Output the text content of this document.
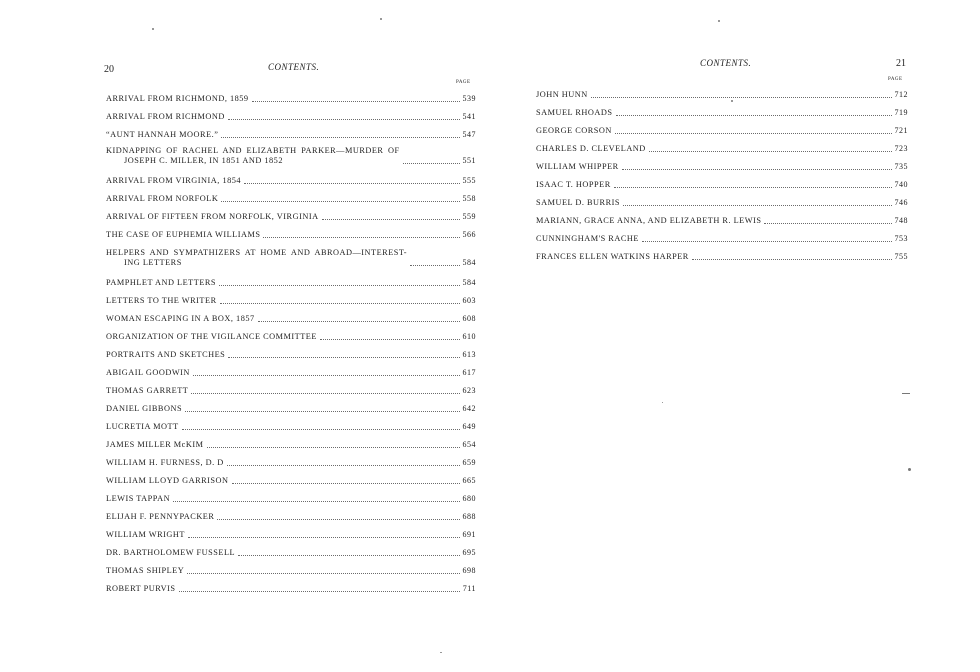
20	CONTENTS.
PAGE
ARRIVAL FROM RICHMOND, 1859	539
ARRIVAL FROM RICHMOND	541
“AUNT HANNAH MOORE.”	547
KIDNAPPING OF RACHEL AND ELIZABETH PARKER—MURDER OF
JOSEPH C. MILLER, IN 1851 AND 1852	551
ARRIVAL FROM VIRGINIA, 1854	555
ARRIVAL FROM NORFOLK	558
ARRIVAL OF FIFTEEN FROM NORFOLK, VIRGINIA	559
THE CASE OF EUPHEMIA WILLIAMS	566
HELPERS AND SYMPATHIZERS AT HOME AND ABROAD—INTEREST-
ING LETTERS	584
PAMPHLET AND LETTERS	584
LETTERS TO THE WRITER	603
WOMAN ESCAPING IN A BOX, 1857	608
ORGANIZATION OF THE VIGILANCE COMMITTEE	610
PORTRAITS AND SKETCHES	613
ABIGAIL GOODWIN	617
THOMAS GARRETT	623
DANIEL GIBBONS	642
LUCRETIA MOTT	649
JAMES MILLER McKIM	654
WILLIAM H. FURNESS, D. D	659
WILLIAM LLOYD GARRISON	665
LEWIS TAPPAN	680
ELIJAH F. PENNYPACKER	688
WILLIAM WRIGHT	691
DR. BARTHOLOMEW FUSSELL	695
THOMAS SHIPLEY	698
ROBERT PURVIS	711
CONTENTS.	21
PAGE
JOHN HUNN	712
SAMUEL RHOADS	719
GEORGE CORSON	721
CHARLES D. CLEVELAND	723
WILLIAM WHIPPER	735
ISAAC T. HOPPER	740
SAMUEL D. BURRIS	746
MARIANN, GRACE ANNA, AND ELIZABETH R. LEWIS	748
CUNNINGHAM'S RACHE	753
FRANCES ELLEN WATKINS HARPER	755
